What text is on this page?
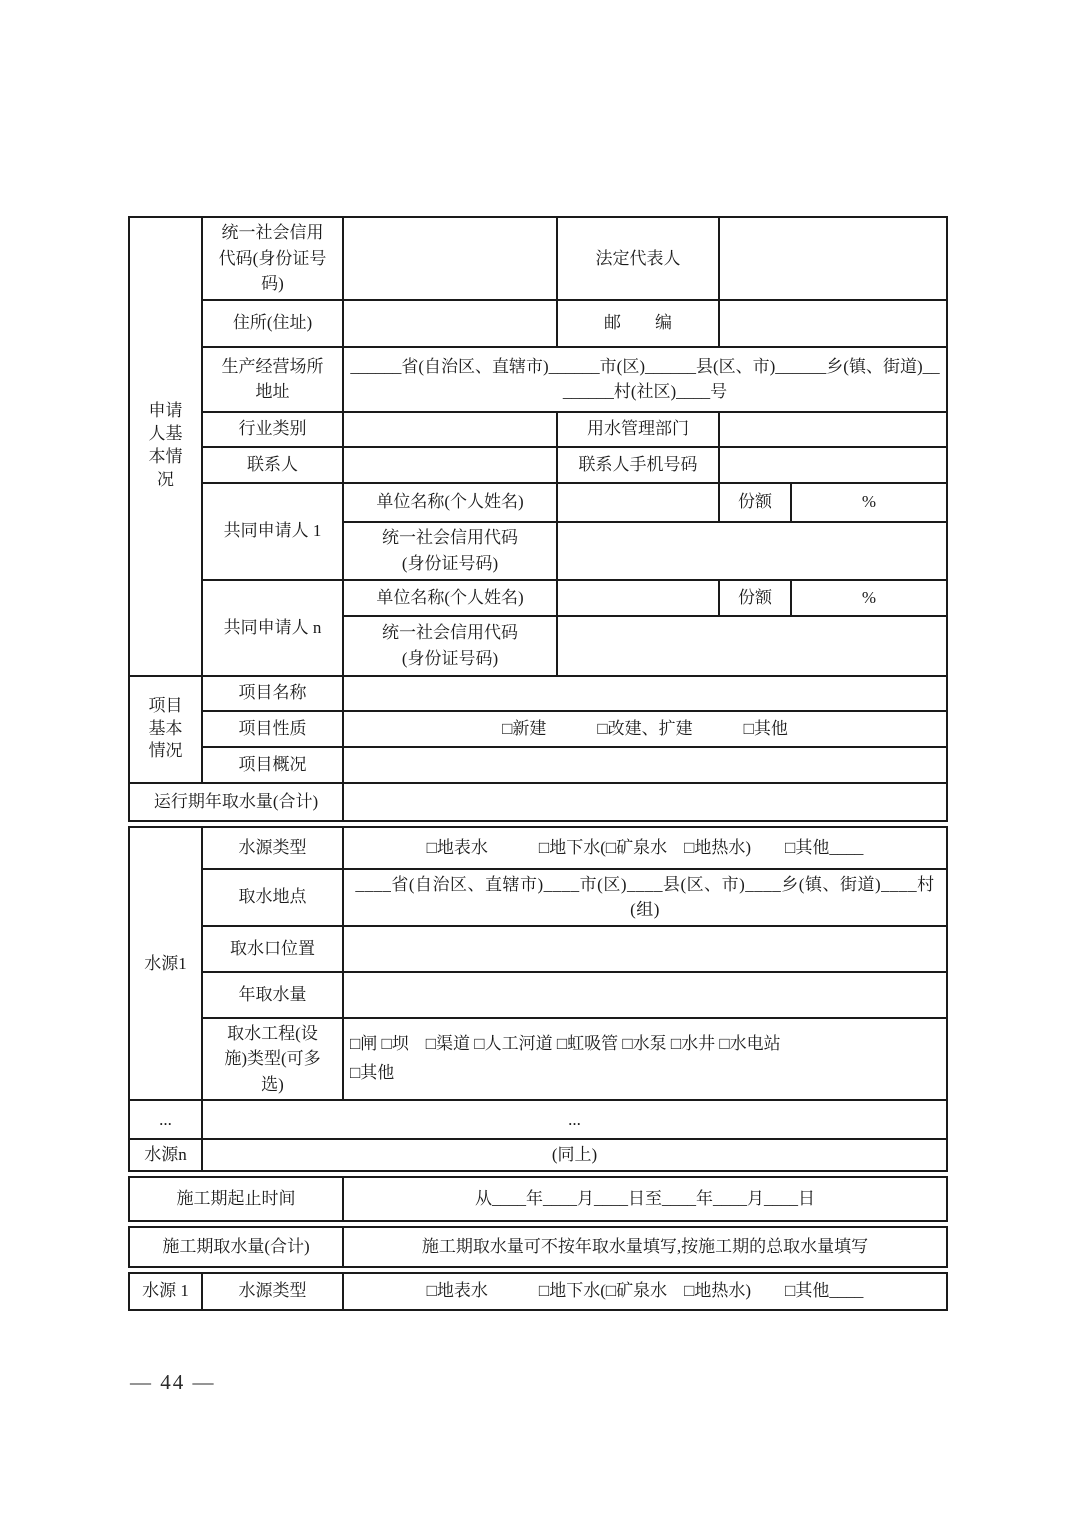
申请人基本情况	统一社会信用代码(身份证号码)		法定代表人		
	住所(住址)		邮　　编		

	生产经营场所地址	______省(自治区、直辖市)______市(区)______县(区、市)______乡(镇、街道)________村(社区)____号			
	行业类别		用水管理部门		
	联系人		联系人手机号码		
	共同申请人 1	单位名称(个人姓名)		份额	%

		统一社会信用代码(身份证号码)			

	共同申请人 n	单位名称(个人姓名)		份额	%

		统一社会信用代码(身份证号码)			

项目基本情况	项目名称				
	项目性质	□新建　　　□改建、扩建　　　□其他			
	项目概况				
运行期年取水量(合计)					
水源1	水源类型	□地表水　　　□地下水(□矿泉水　□地热水)　　□其他____
	取水地点	____省(自治区、直辖市)____市(区)____县(区、市)____乡(镇、街道)____村(组)
	取水口位置	
	年取水量	

	取水工程(设施)类型(可多选)	□闸 □坝　□渠道 □人工河道 □虹吸管 □水泵 □水井 □水电站
□其他

...	...	
水源n	(同上)	
施工期起止时间	从____年____月____日至____年____月____日
施工期取水量(合计)	施工期取水量可不按年取水量填写,按施工期的总取水量填写
水源 1	水源类型	□地表水　　　□地下水(□矿泉水　□地热水)　　□其他____
— 44 —
